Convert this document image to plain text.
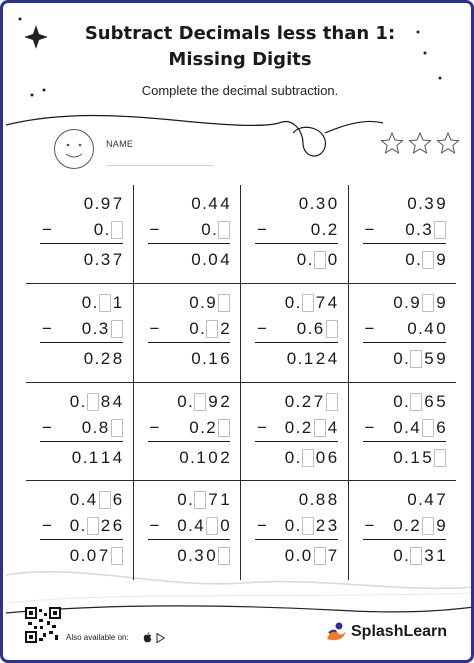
Subtract Decimals less than 1:
Missing Digits
Complete the decimal subtraction.
NAME
0 . 9 7
− 0 .
0 . 3 7
0 . 4 4
− 0 .
0 . 0 4
0 . 3 0
−	0 . 2
0 . 0
0 . 3 9
− 0 . 3
0 . 9
0 . 1
− 0 . 3
0 . 2 8
0 . 9
− 0 . 2
0 . 1 6
0 . 7 4
− 0 . 6
0 . 1 2 4
0 . 9 9
− 0 . 4 0
0 . 5 9
0 . 8 4
− 0 . 8
0 . 1 1 4
0 . 9 2
− 0 . 2
0 . 1 0 2
0 . 2 7
− 0 . 2 4
0 . 0 6
0 . 6 5
− 0 . 4 6
0 . 1 5
0 . 4 6
− 0 . 2 6
0 . 0 7
0 . 7 1
− 0 . 4 0
0 . 3 0
0 . 8 8
− 0 . 2 3
0 . 0 7
0 . 4 7
− 0 . 2 9
0 . 3 1
Also available on:	SplashLearn
